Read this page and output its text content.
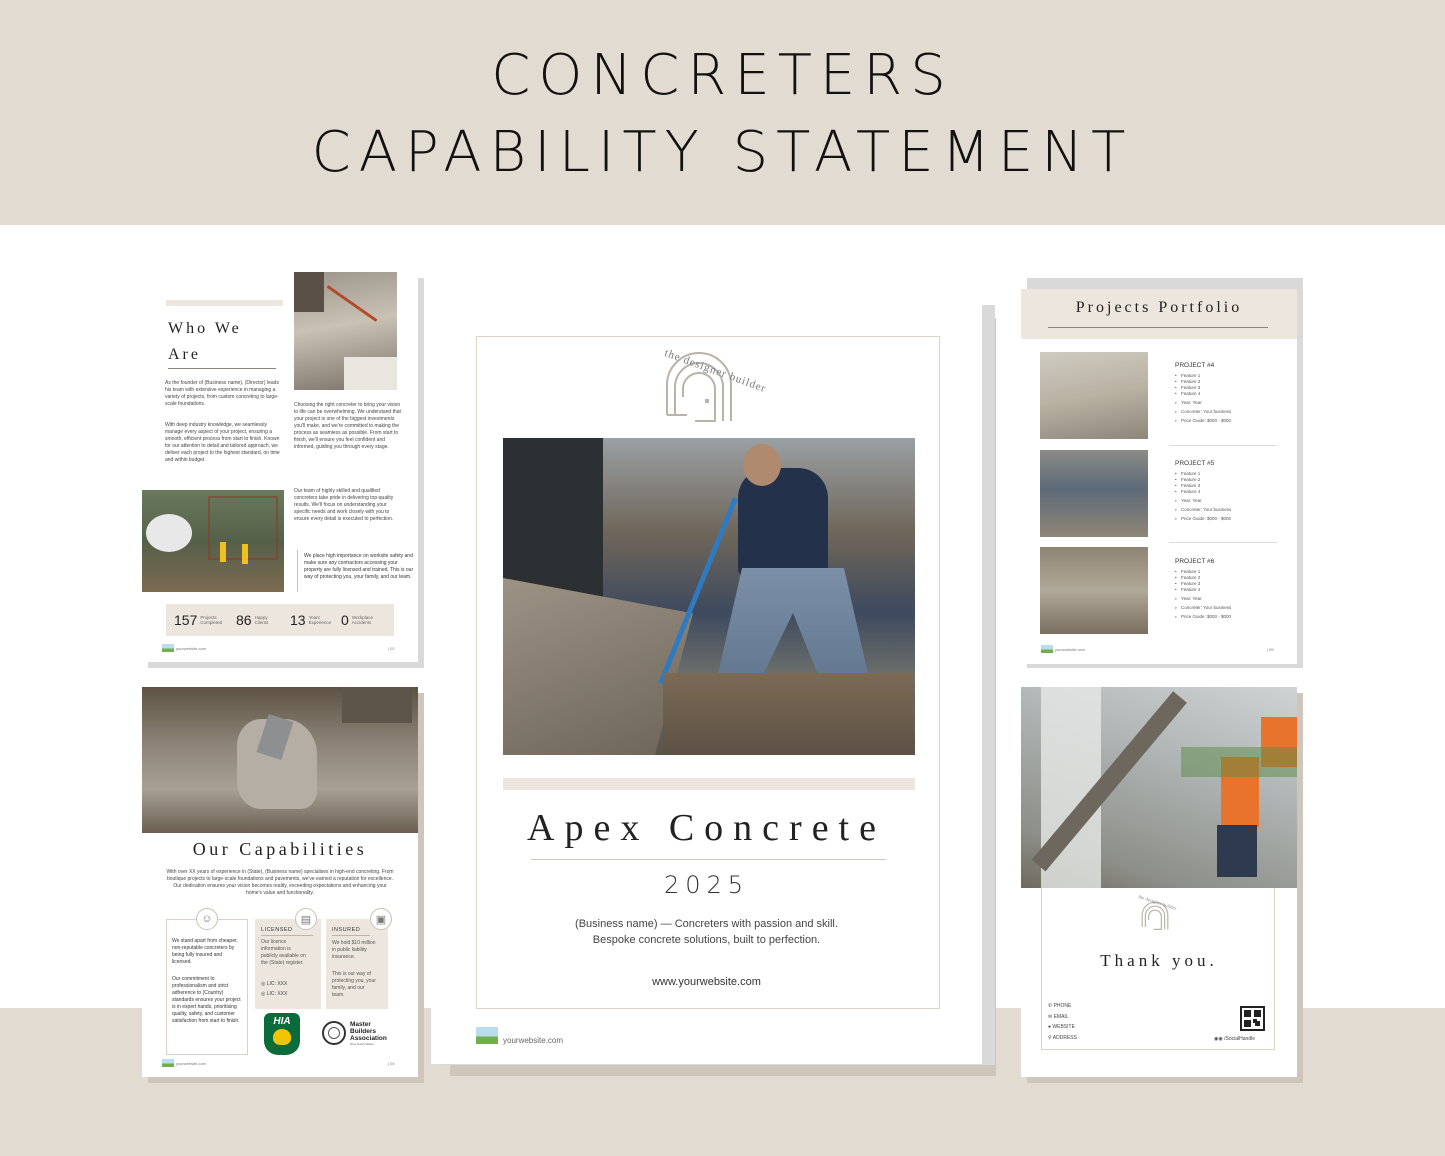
CONCRETERS
CAPABILITY STATEMENT
Who We
Are
As the founder of (Business name), (Director) leads his team with extensive experience in managing a variety of projects, from custom concreting to large-scale foundations.
With deep industry knowledge, we seamlessly manage every aspect of your project, ensuring a smooth, efficient process from start to finish. Known for our attention to detail and tailored approach, we deliver each project to the highest standard, on time and within budget.
Choosing the right concreter to bring your vision to life can be overwhelming. We understand that your project is one of the biggest investments you'll make, and we're committed to making the process as seamless as possible. From start to finish, we'll ensure you feel confident and informed, guiding you through every stage.
Our team of highly skilled and qualified concreters take pride in delivering top-quality results. We'll focus on understanding your specific needs and work closely with you to ensure every detail is executed to perfection.
We place high importance on worksite safety and make sure any contractors accessing your property are fully licensed and trained. This is our way of protecting you, your family, and our team.
157 Projects
Completed 86 Happy
Clients 13 Years
Experience 0 Workplace
Accidents
yourwebsite.com	| 02
Our Capabilities
With over XX years of experience in (State), (Business name) specialises in high-end concreting. From boutique projects to large-scale foundations and pavements, we've earned a reputation for excellence. Our dedication ensures your vision becomes reality, exceeding expectations and enhancing your home's value and functionality.
☺
We stand apart from cheaper, non-reputable concreters by being fully insured and licensed.
Our commitment to professionalism and strict adherence to (Country) standards ensures your project is in expert hands, prioritising quality, safety, and customer satisfaction from start to finish.
▤
LICENSED
Our licence information is publicly available on the (State) register.
◎ LIC: XXX
◎ LIC: XXX
▣
INSURED
We hold $10 million in public liability insurance.
This is our way of protecting you, your family, and our team.
HIA	Master
Builders
Association
New South Wales
yourwebsite.com	| 04
the designer builder
Apex Concrete
2025
(Business name) — Concreters with passion and skill.
Bespoke concrete solutions, built to perfection.
www.yourwebsite.com
yourwebsite.com
Projects Portfolio
PROJECT #4
• Feature 1
• Feature 2
• Feature 3
• Feature 4
▸ Year: Year
▸ Concreter: Your business
▸ Price Guide: $000 - $000
PROJECT #5
• Feature 1
• Feature 2
• Feature 3
• Feature 4
▸ Year: Year
▸ Concreter: Your business
▸ Price Guide: $000 - $000
PROJECT #6
• Feature 1
• Feature 2
• Feature 3
• Feature 4
▸ Year: Year
▸ Concreter: Your business
▸ Price Guide: $000 - $000
yourwebsite.com	| 05
the designer builder
Thank you.
✆ PHONE
✉ EMAIL
● WEBSITE
⚲ ADDRESS	◉◉ /SocialHandle
